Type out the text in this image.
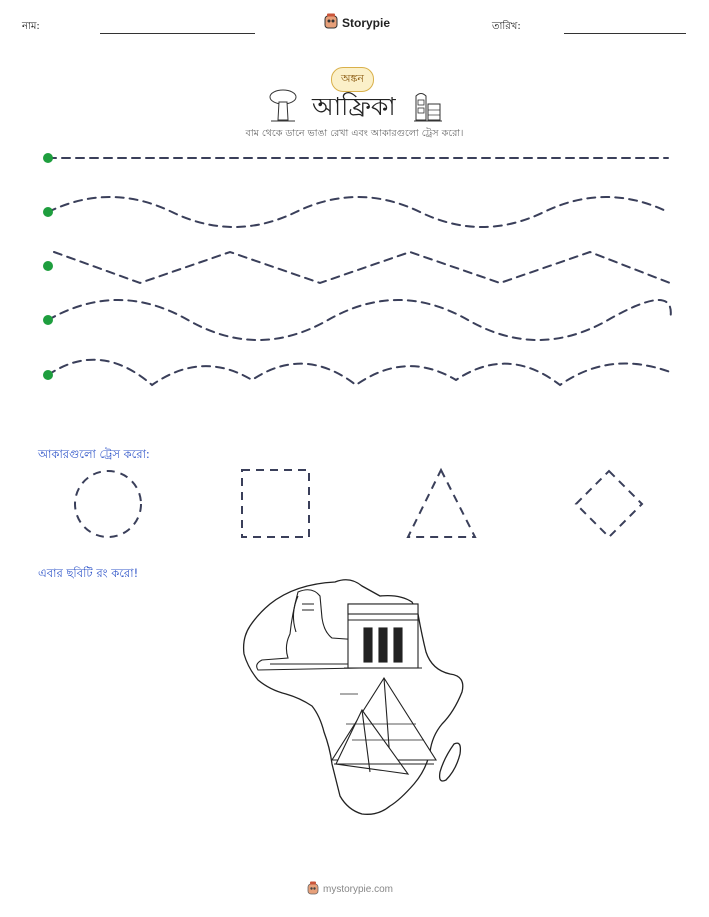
নাম:	Storypie	তারিখ:
অঙ্কন
আফ্রিকা
বাম থেকে ডানে ভাঙা রেখা এবং আকারগুলো ট্রেস করো।
আকারগুলো ট্রেস করো:
এবার ছবিটি রং করো!
mystorypie.com
